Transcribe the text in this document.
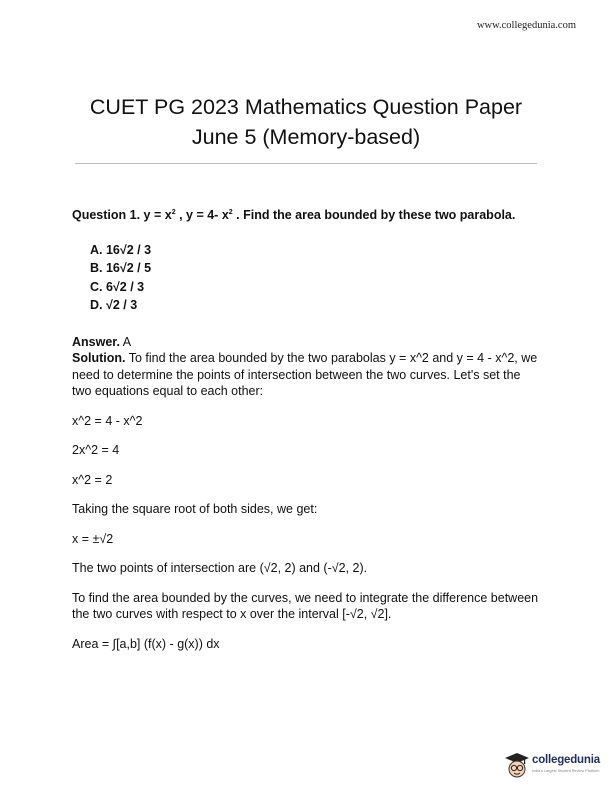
www.collegedunia.com
CUET PG 2023 Mathematics Question Paper
June 5 (Memory-based)

Question 1. $y = x^2$ , y = 4- $x^2$ . Find the area bounded by these two parabola.

A. 16√2 / 3
B. 16√2 / 5
C. 6√2 / 3
D. √2 / 3

Answer. A

Solution. To find the area bounded by the two parabolas y = x^2 and y = 4 - x^2, we need to determine the points of intersection between the two curves. Let's set the two equations equal to each other:

x^2 = 4 - x^2

2x^2 = 4

x^2 = 2

Taking the square root of both sides, we get:

x = ±√2

The two points of intersection are (√2, 2) and (-√2, 2).

To find the area bounded by the curves, we need to integrate the difference between the two curves with respect to x over the interval [-√2, √2].

Area = ∫[a,b] (f(x) - g(x)) dx

collegedunia
India's Largest Student Review Platform
